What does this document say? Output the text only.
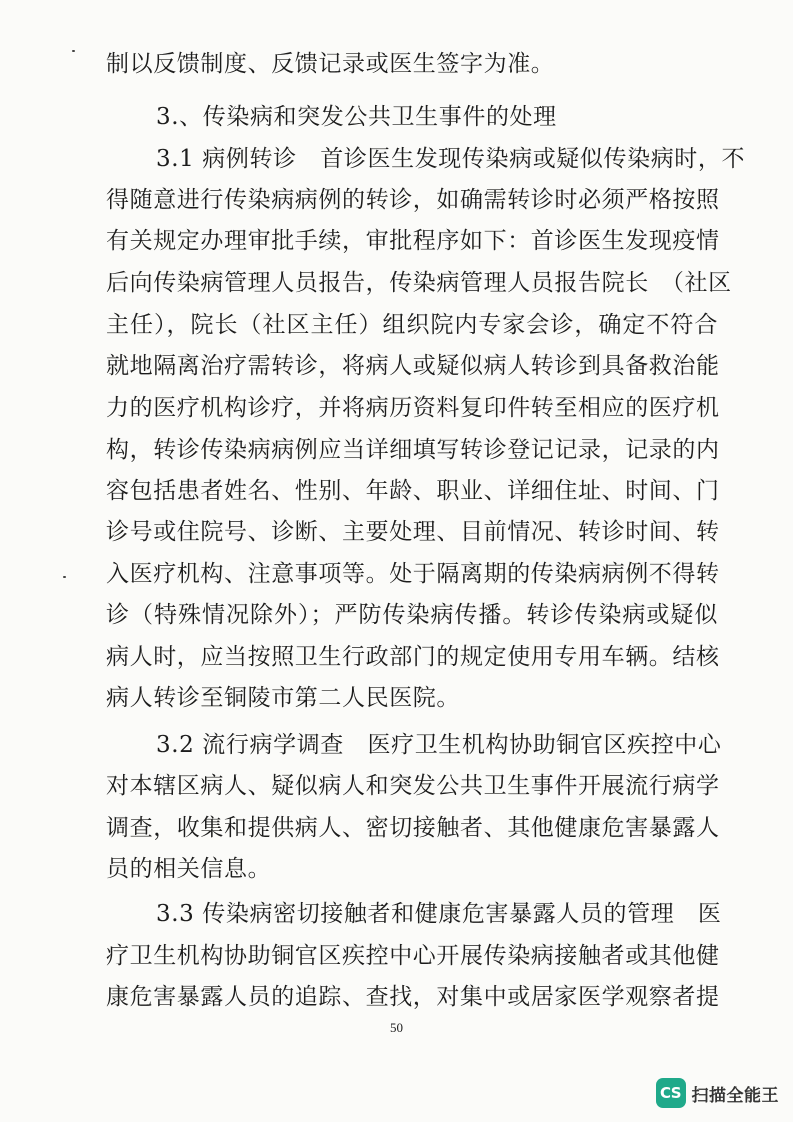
制以反馈制度、反馈记录或医生签字为准。
3.、传染病和突发公共卫生事件的处理
3.1 病例转诊　首诊医生发现传染病或疑似传染病时，不
得随意进行传染病病例的转诊，如确需转诊时必须严格按照
有关规定办理审批手续，审批程序如下：首诊医生发现疫情
后向传染病管理人员报告，传染病管理人员报告院长　（社区
主任），院长（社区主任）组织院内专家会诊，确定不符合
就地隔离治疗需转诊，将病人或疑似病人转诊到具备救治能
力的医疗机构诊疗，并将病历资料复印件转至相应的医疗机
构，转诊传染病病例应当详细填写转诊登记记录，记录的内
容包括患者姓名、性别、年龄、职业、详细住址、时间、门
诊号或住院号、诊断、主要处理、目前情况、转诊时间、转
入医疗机构、注意事项等。处于隔离期的传染病病例不得转
诊（特殊情况除外）；严防传染病传播。转诊传染病或疑似
病人时，应当按照卫生行政部门的规定使用专用车辆。结核
病人转诊至铜陵市第二人民医院。
3.2 流行病学调查　医疗卫生机构协助铜官区疾控中心
对本辖区病人、疑似病人和突发公共卫生事件开展流行病学
调查，收集和提供病人、密切接触者、其他健康危害暴露人
员的相关信息。
3.3 传染病密切接触者和健康危害暴露人员的管理　医
疗卫生机构协助铜官区疾控中心开展传染病接触者或其他健
康危害暴露人员的追踪、查找，对集中或居家医学观察者提
50
CS 扫描全能王
